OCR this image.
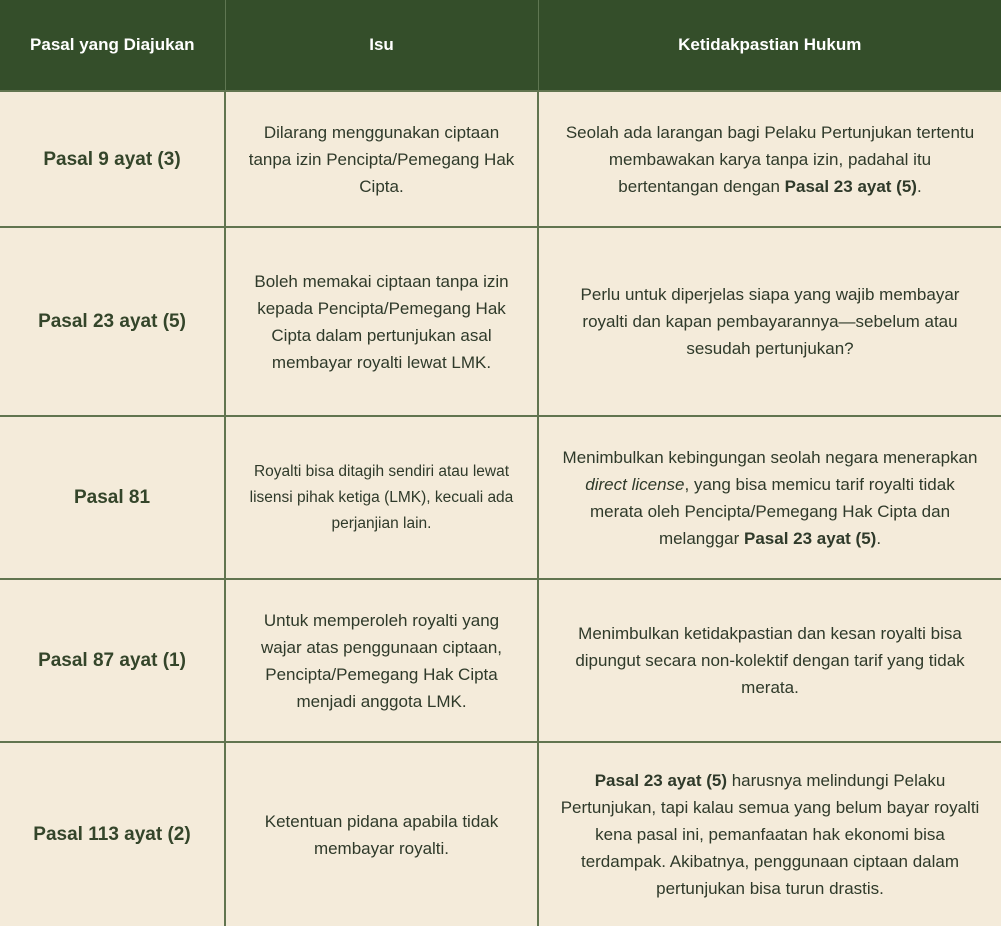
Pasal yang Diajukan	Isu	Ketidakpastian Hukum
Pasal 9 ayat (3)	Dilarang menggunakan ciptaan tanpa izin Pencipta/Pemegang Hak Cipta.	Seolah ada larangan bagi Pelaku Pertunjukan tertentu membawakan karya tanpa izin, padahal itu bertentangan dengan Pasal 23 ayat (5).
Pasal 23 ayat (5)	Boleh memakai ciptaan tanpa izin kepada Pencipta/Pemegang Hak Cipta dalam pertunjukan asal membayar royalti lewat LMK.	Perlu untuk diperjelas siapa yang wajib membayar royalti dan kapan pembayarannya—sebelum atau sesudah pertunjukan?
Pasal 81	Royalti bisa ditagih sendiri atau lewat lisensi pihak ketiga (LMK), kecuali ada perjanjian lain.	Menimbulkan kebingungan seolah negara menerapkan direct license, yang bisa memicu tarif royalti tidak merata oleh Pencipta/Pemegang Hak Cipta dan melanggar Pasal 23 ayat (5).
Pasal 87 ayat (1)	Untuk memperoleh royalti yang wajar atas penggunaan ciptaan, Pencipta/Pemegang Hak Cipta menjadi anggota LMK.	Menimbulkan ketidakpastian dan kesan royalti bisa dipungut secara non-kolektif dengan tarif yang tidak merata.
Pasal 113 ayat (2)	Ketentuan pidana apabila tidak membayar royalti.	Pasal 23 ayat (5) harusnya melindungi Pelaku Pertunjukan, tapi kalau semua yang belum bayar royalti kena pasal ini, pemanfaatan hak ekonomi bisa terdampak. Akibatnya, penggunaan ciptaan dalam pertunjukan bisa turun drastis.
